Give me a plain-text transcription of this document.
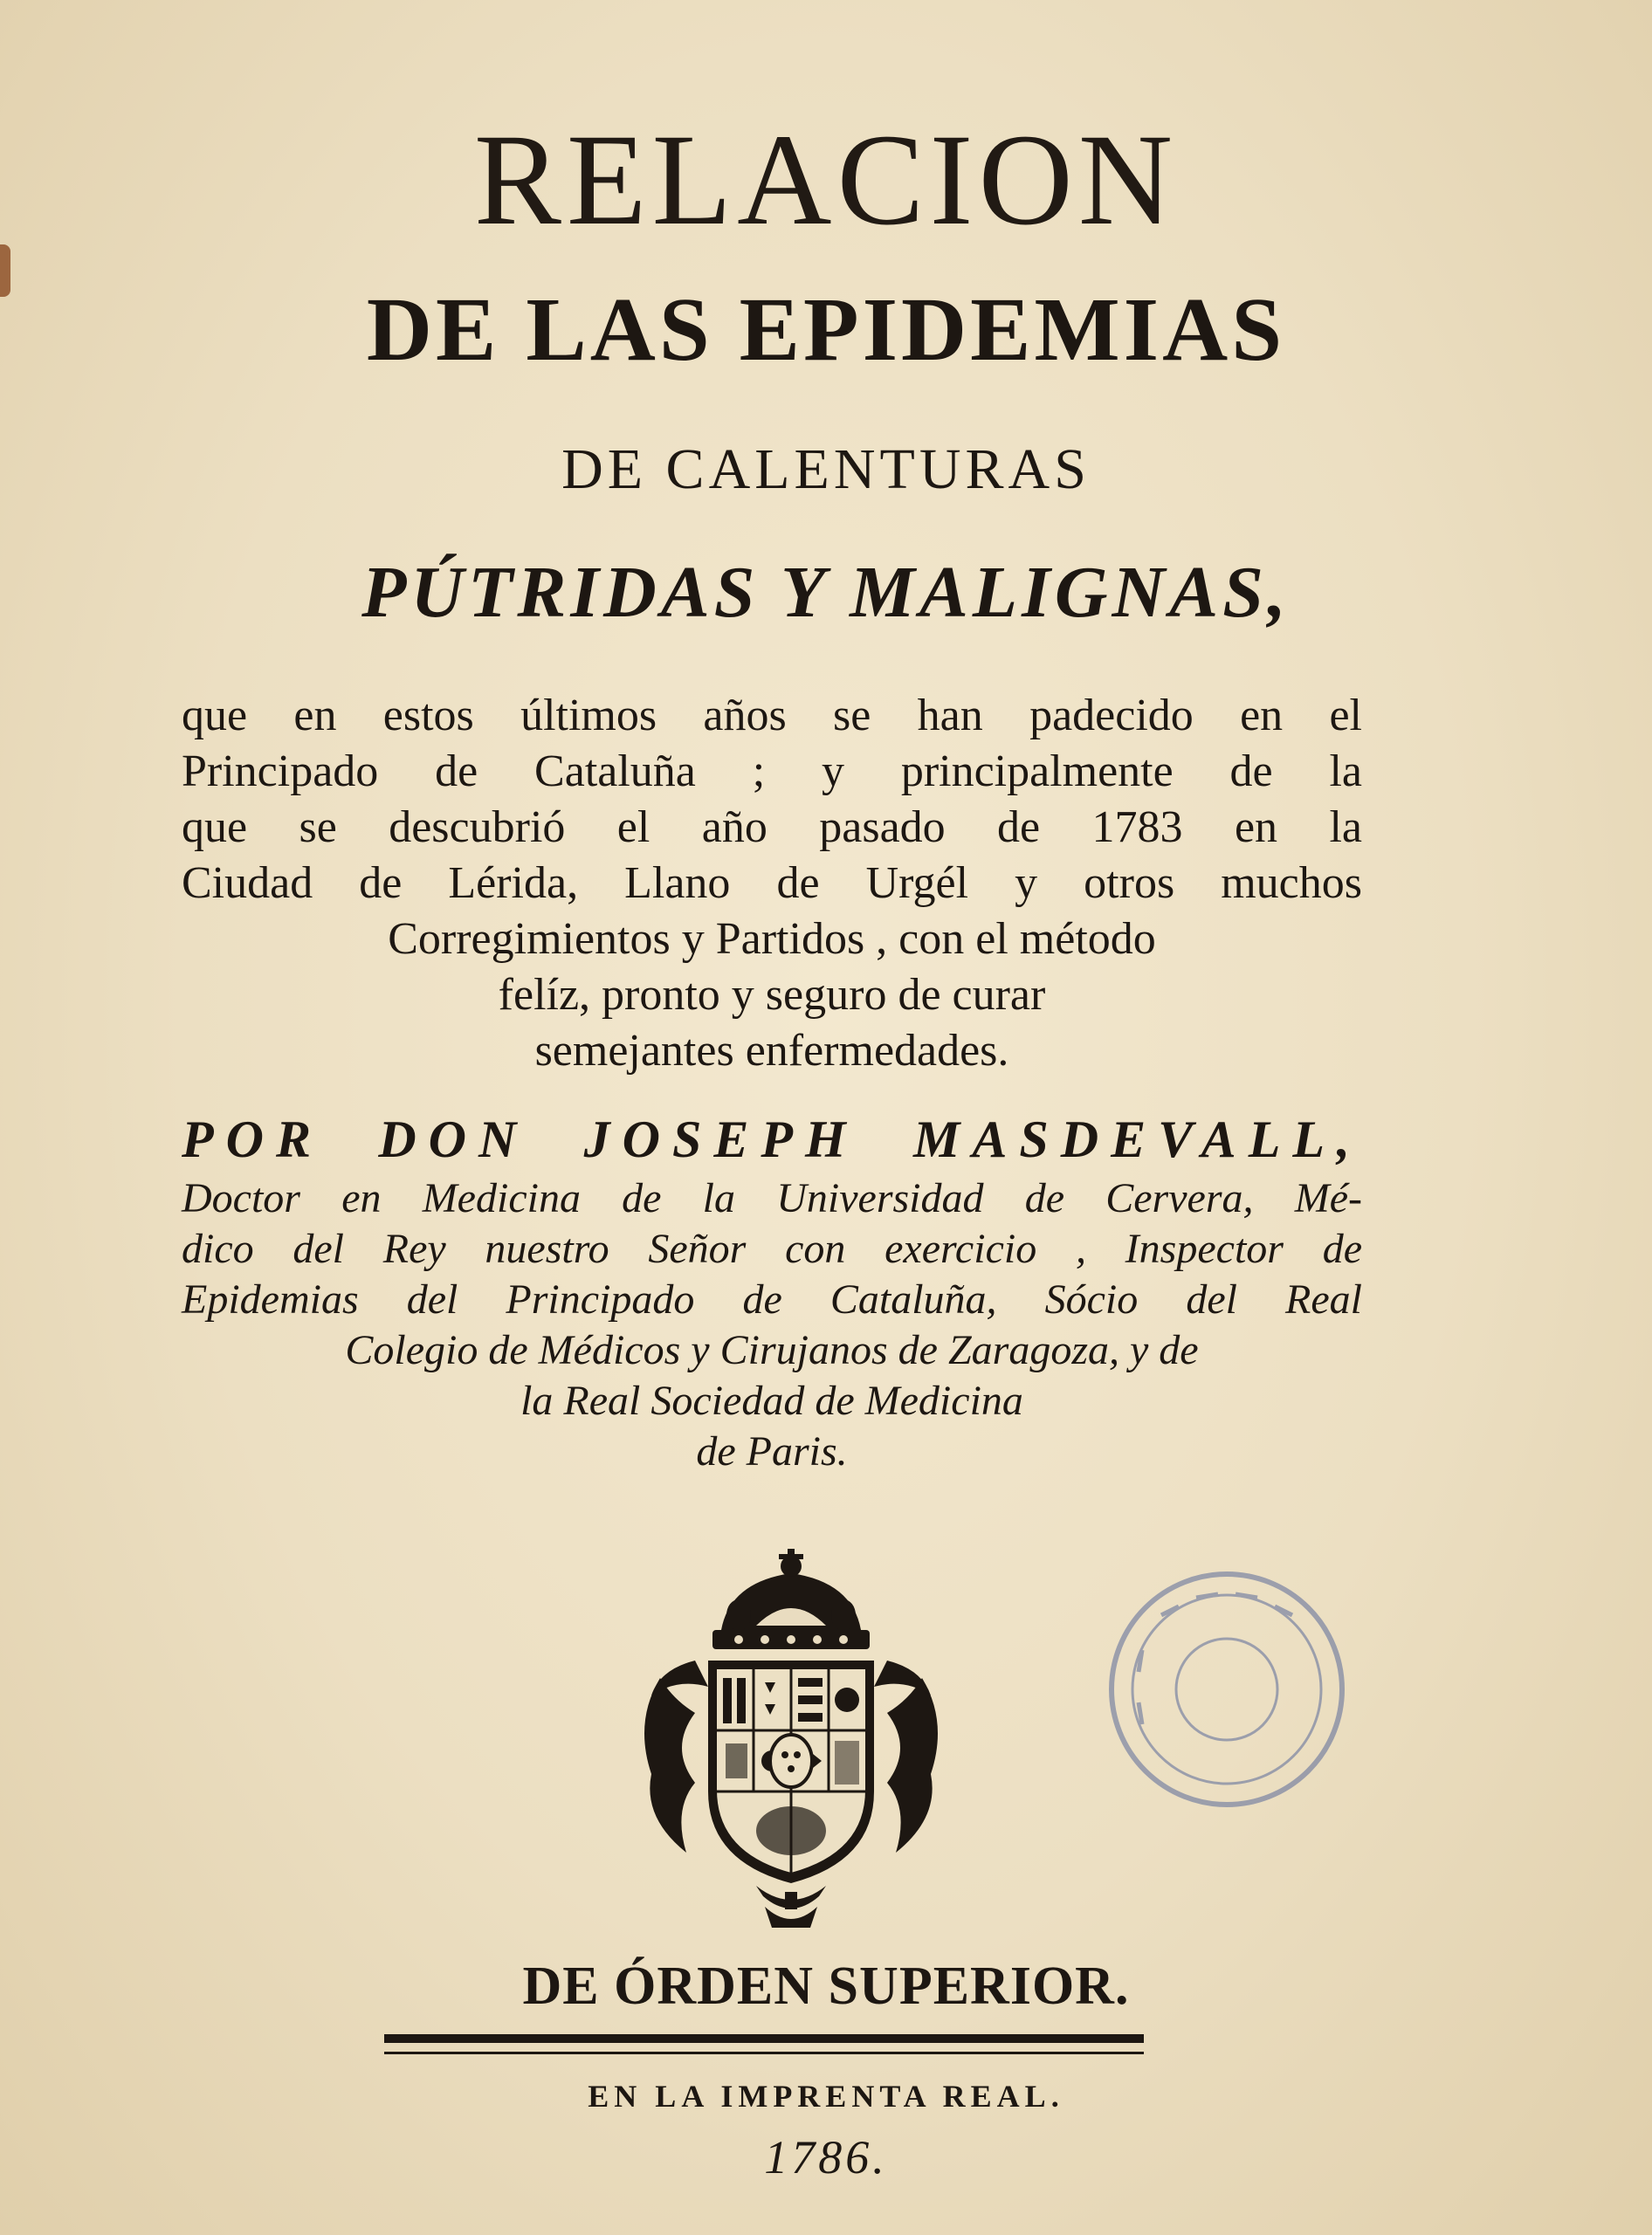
RELACION
DE LAS EPIDEMIAS
DE CALENTURAS
PÚTRIDAS Y MALIGNAS,
que en estos últimos años se han padecido en el
Principado de Cataluña ; y principalmente de la
que se descubrió el año pasado de 1783 en la
Ciudad de Lérida, Llano de Urgél y otros muchos
Corregimientos y Partidos , con el método
felíz, pronto y seguro de curar
semejantes enfermedades.
POR DON JOSEPH MASDEVALL,
Doctor en Medicina de la Universidad de Cervera, Mé-
dico del Rey nuestro Señor con exercicio , Inspector de
Epidemias del Principado de Cataluña, Sócio del Real
Colegio de Médicos y Cirujanos de Zaragoza, y de
la Real Sociedad de Medicina
de Paris.
DE ÓRDEN SUPERIOR.
EN LA IMPRENTA REAL.
1786.
